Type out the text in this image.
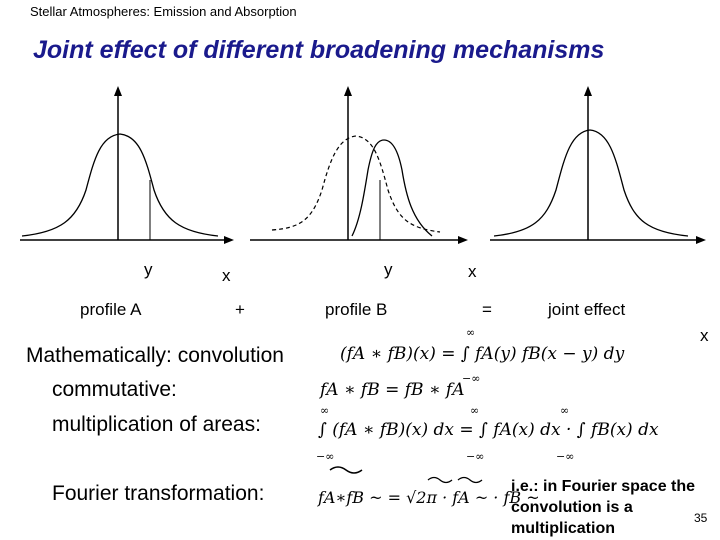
Stellar Atmospheres: Emission and Absorption
Joint effect of different broadening mechanisms
y	x	y	x
x
profile A	+	profile B	=	joint effect
Mathematically: convolution
commutative:
multiplication of areas:
Fourier transformation:
(fA ∗ fB)(x) = ∫ fA(y) fB(x − y) dy
∞
−∞
fA ∗ fB = fB ∗ fA
∫ (fA ∗ fB)(x) dx = ∫ fA(x) dx · ∫ fB(x) dx
∞
−∞
∞
−∞
∞
−∞
fA∗fB ~ = √2π · fA ~ · fB ~
i.e.: in Fourier space the convolution is a multiplication
35
